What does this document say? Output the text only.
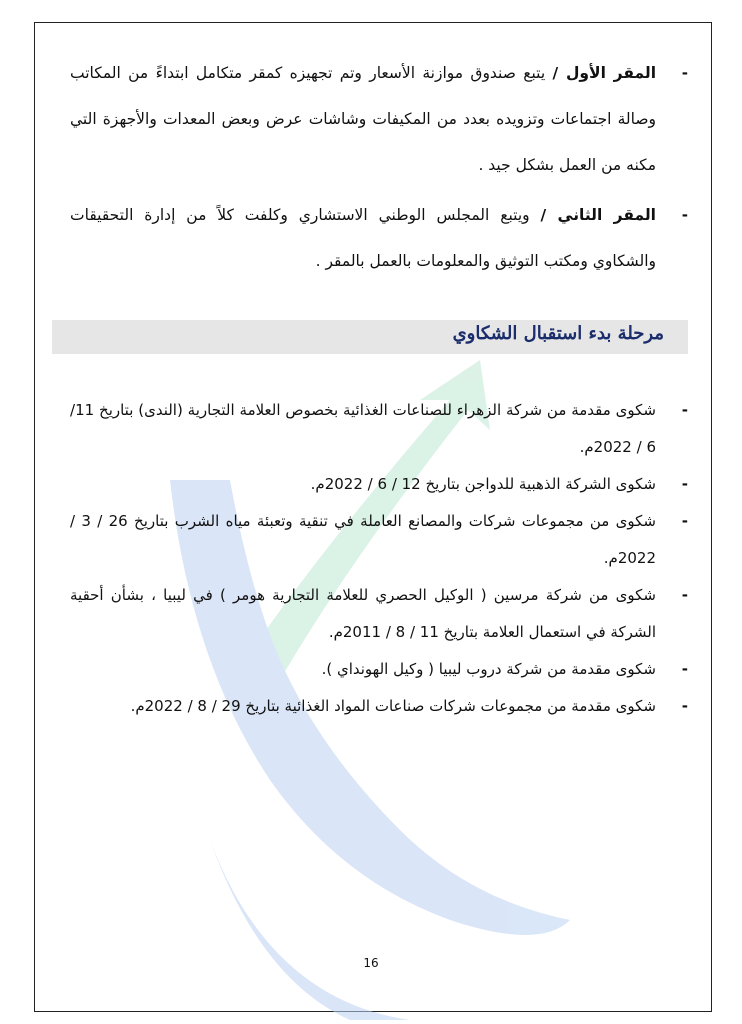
-
المقر الأول / يتبع صندوق موازنة الأسعار وتم تجهيزه كمقر متكامل ابتداءً من المكاتب وصالة اجتماعات وتزويده بعدد من المكيفات وشاشات عرض وبعض المعدات والأجهزة التي مكنه من العمل بشكل جيد .

-
المقر الثاني / ويتبع المجلس الوطني الاستشاري وكلفت كلاً من إدارة التحقيقات والشكاوي ومكتب التوثيق والمعلومات بالعمل بالمقر .

مرحلة بدء استقبال الشكاوي

-
شكوى مقدمة من شركة الزهراء للصناعات الغذائية بخصوص العلامة التجارية (الندى) بتاريخ 11/ 6 / 2022م.

-
شكوى الشركة الذهبية للدواجن بتاريخ 12 / 6 / 2022م.

-
شكوى من مجموعات شركات والمصانع العاملة في تنقية وتعبئة مياه الشرب بتاريخ 26 / 3 / 2022م.

-
شكوى من شركة مرسين ( الوكيل الحصري للعلامة التجارية هومر ) في ليبيا ، بشأن أحقية الشركة في استعمال العلامة بتاريخ 11 / 8 / 2011م.

-
شكوى مقدمة من شركة دروب ليبيا ( وكيل الهونداي ).

-
شكوى مقدمة من مجموعات شركات صناعات المواد الغذائية بتاريخ 29 / 8 / 2022م.

16
